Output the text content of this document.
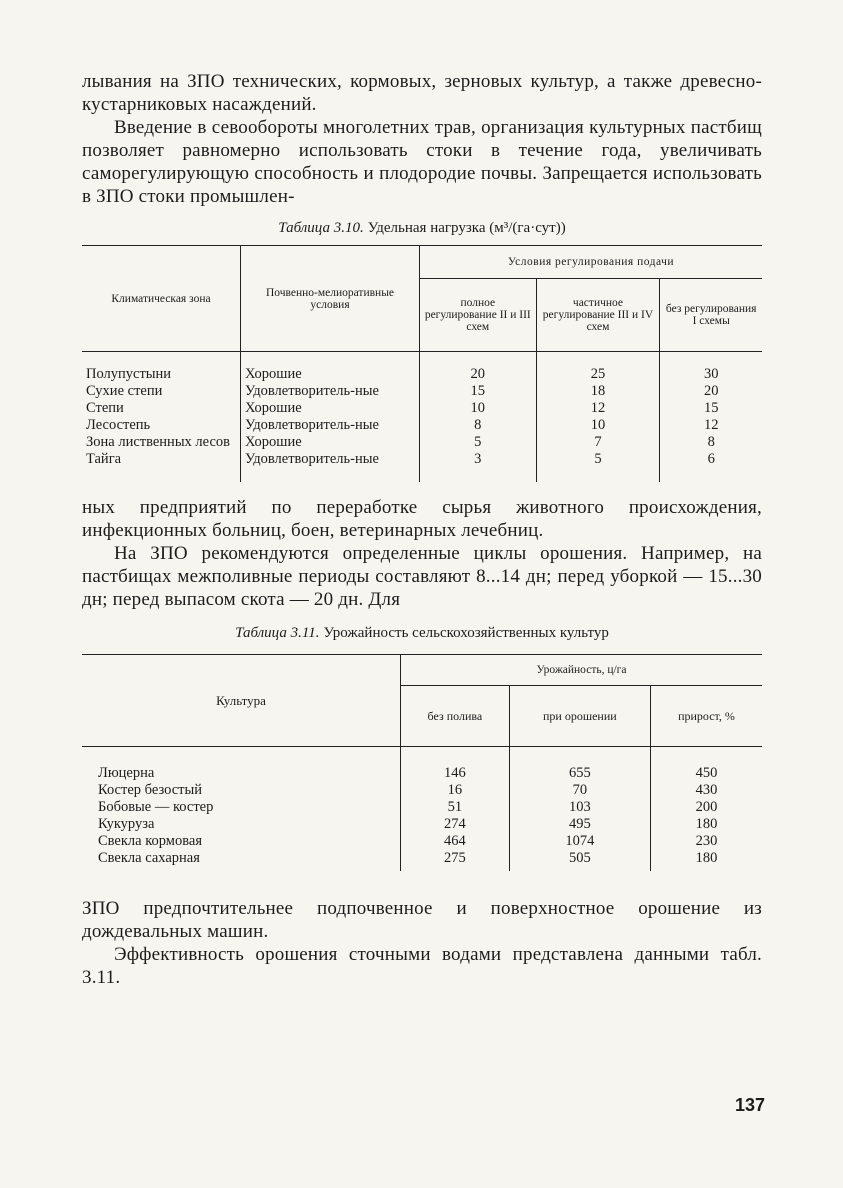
лывания на ЗПО технических, кормовых, зерновых культур, а также древесно-кустарниковых насаждений.

Введение в севообороты многолетних трав, организация культурных пастбищ позволяет равномерно использовать стоки в течение года, увеличивать саморегулирующую способность и плодородие почвы. Запрещается использовать в ЗПО стоки промышлен-

Таблица 3.10. Удельная нагрузка (м³/(га·сут))

Климатическая зона	Почвенно-мелиоративные условия	Условия регулирования подачи		
		полное регулирование II и III схем	частичное регулирование III и IV схем	без регулирования I схемы
Полупустыни	Хорошие	20	25	30
Сухие степи	Удовлетворитель-ные	15	18	20
Степи	Хорошие	10	12	15
Лесостепь	Удовлетворитель-ные	8	10	12
Зона лиственных лесов	Хорошие	5	7	8
Тайга	Удовлетворитель-ные	3	5	6

ных предприятий по переработке сырья животного происхождения, инфекционных больниц, боен, ветеринарных лечебниц.

На ЗПО рекомендуются определенные циклы орошения. Например, на пастбищах межполивные периоды составляют 8...14 дн; перед уборкой — 15...30 дн; перед выпасом скота — 20 дн. Для

Таблица 3.11. Урожайность сельскохозяйственных культур

Культура	Урожайность, ц/га		
	без полива	при орошении	прирост, %
Люцерна	146	655	450
Костер безостый	16	70	430
Бобовые — костер	51	103	200
Кукуруза	274	495	180
Свекла кормовая	464	1074	230
Свекла сахарная	275	505	180

ЗПО предпочтительнее подпочвенное и поверхностное орошение из дождевальных машин.

Эффективность орошения сточными водами представлена данными табл. 3.11.

137
